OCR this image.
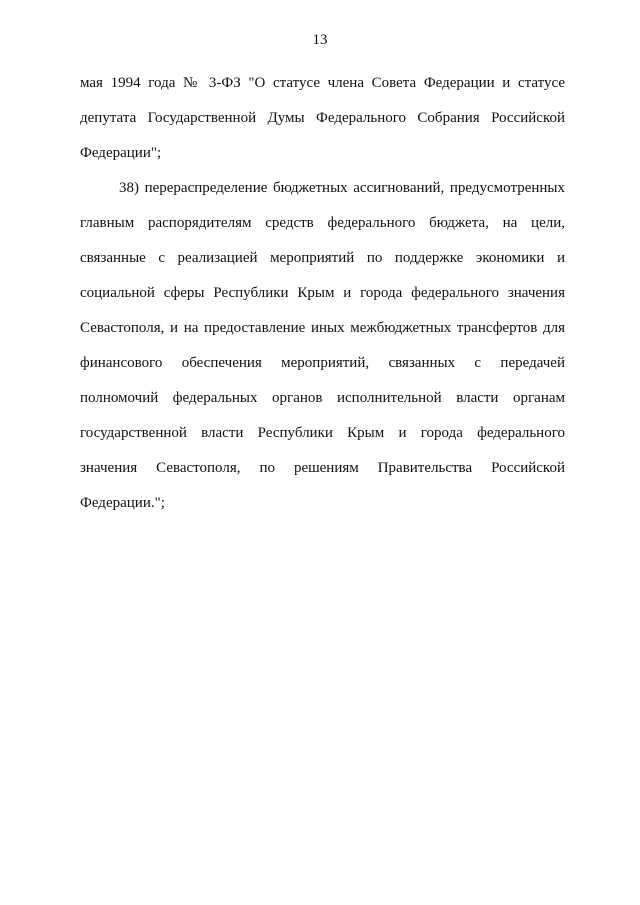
13

мая 1994 года № 3-ФЗ "О статусе члена Совета Федерации и статусе
депутата Государственной Думы Федерального Собрания Российской
Федерации";

38) перераспределение бюджетных ассигнований, предусмотренных
главным распорядителям средств федерального бюджета, на цели,
связанные с реализацией мероприятий по поддержке экономики и
социальной сферы Республики Крым и города федерального значения
Севастополя, и на предоставление иных межбюджетных трансфертов для
финансового обеспечения мероприятий, связанных с передачей
полномочий федеральных органов исполнительной власти органам
государственной власти Республики Крым и города федерального
значения Севастополя, по решениям Правительства Российской
Федерации.";
